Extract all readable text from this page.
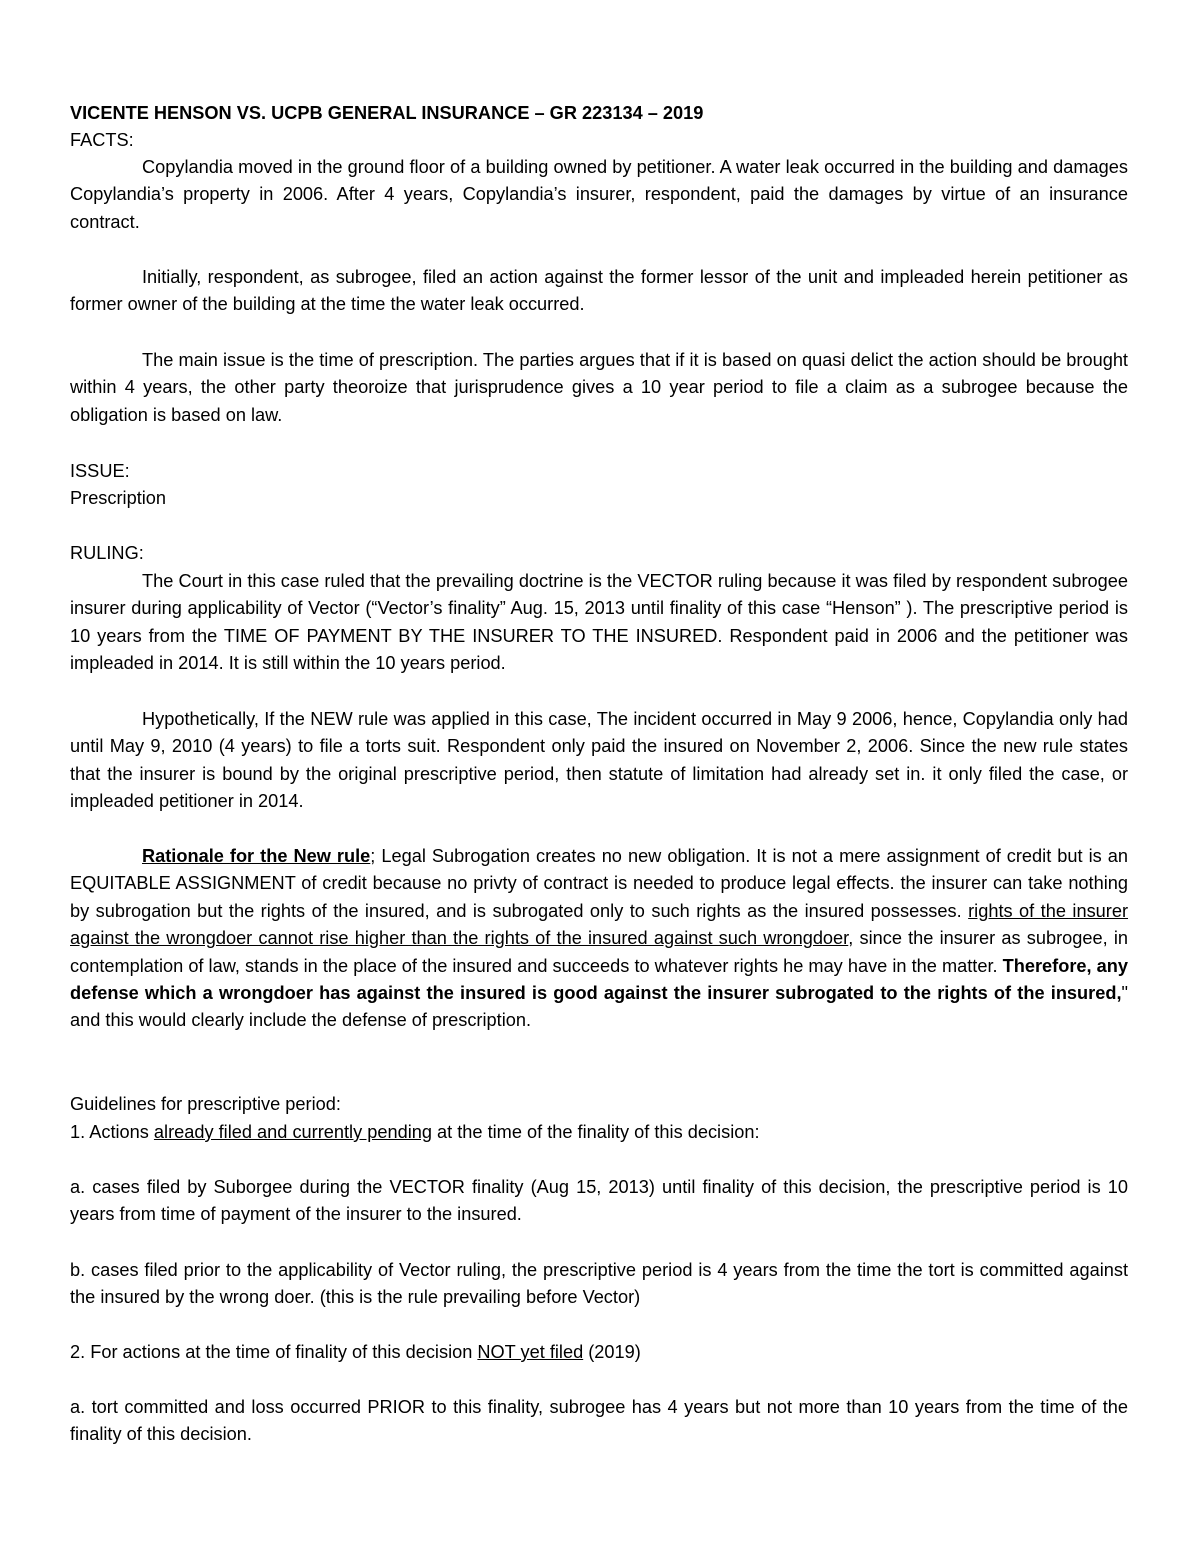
VICENTE HENSON VS. UCPB GENERAL INSURANCE – GR 223134 – 2019

FACTS:

Copylandia moved in the ground floor of a building owned by petitioner. A water leak occurred in the building and damages Copylandia’s property in 2006. After 4 years, Copylandia’s insurer, respondent, paid the damages by virtue of an insurance contract.

Initially, respondent, as subrogee, filed an action against the former lessor of the unit and impleaded herein petitioner as former owner of the building at the time the water leak occurred.

The main issue is the time of prescription. The parties argues that if it is based on quasi delict the action should be brought within 4 years, the other party theoroize that jurisprudence gives a 10 year period to file a claim as a subrogee because the obligation is based on law.

ISSUE:

Prescription

RULING:

The Court in this case ruled that the prevailing doctrine is the VECTOR ruling because it was filed by respondent subrogee insurer during applicability of Vector (“Vector’s finality” Aug. 15, 2013 until finality of this case “Henson” ). The prescriptive period is 10 years from the TIME OF PAYMENT BY THE INSURER TO THE INSURED. Respondent paid in 2006 and the petitioner was impleaded in 2014. It is still within the 10 years period.

Hypothetically, If the NEW rule was applied in this case, The incident occurred in May 9 2006, hence, Copylandia only had until May 9, 2010 (4 years) to file a torts suit. Respondent only paid the insured on November 2, 2006. Since the new rule states that the insurer is bound by the original prescriptive period, then statute of limitation had already set in. it only filed the case, or impleaded petitioner in 2014.

Rationale for the New rule; Legal Subrogation creates no new obligation. It is not a mere assignment of credit but is an EQUITABLE ASSIGNMENT of credit because no privty of contract is needed to produce legal effects. the insurer can take nothing by subrogation but the rights of the insured, and is subrogated only to such rights as the insured possesses. rights of the insurer against the wrongdoer cannot rise higher than the rights of the insured against such wrongdoer, since the insurer as subrogee, in contemplation of law, stands in the place of the insured and succeeds to whatever rights he may have in the matter. Therefore, any defense which a wrongdoer has against the insured is good against the insurer subrogated to the rights of the insured," and this would clearly include the defense of prescription.

Guidelines for prescriptive period:

1. Actions already filed and currently pending at the time of the finality of this decision:

a. cases filed by Suborgee during the VECTOR finality (Aug 15, 2013) until finality of this decision, the prescriptive period is 10 years from time of payment of the insurer to the insured.

b. cases filed prior to the applicability of Vector ruling, the prescriptive period is 4 years from the time the tort is committed against the insured by the wrong doer. (this is the rule prevailing before Vector)

2. For actions at the time of finality of this decision NOT yet filed (2019)

a. tort committed and loss occurred PRIOR to this finality, subrogee has 4 years but not more than 10 years from the time of the finality of this decision.
